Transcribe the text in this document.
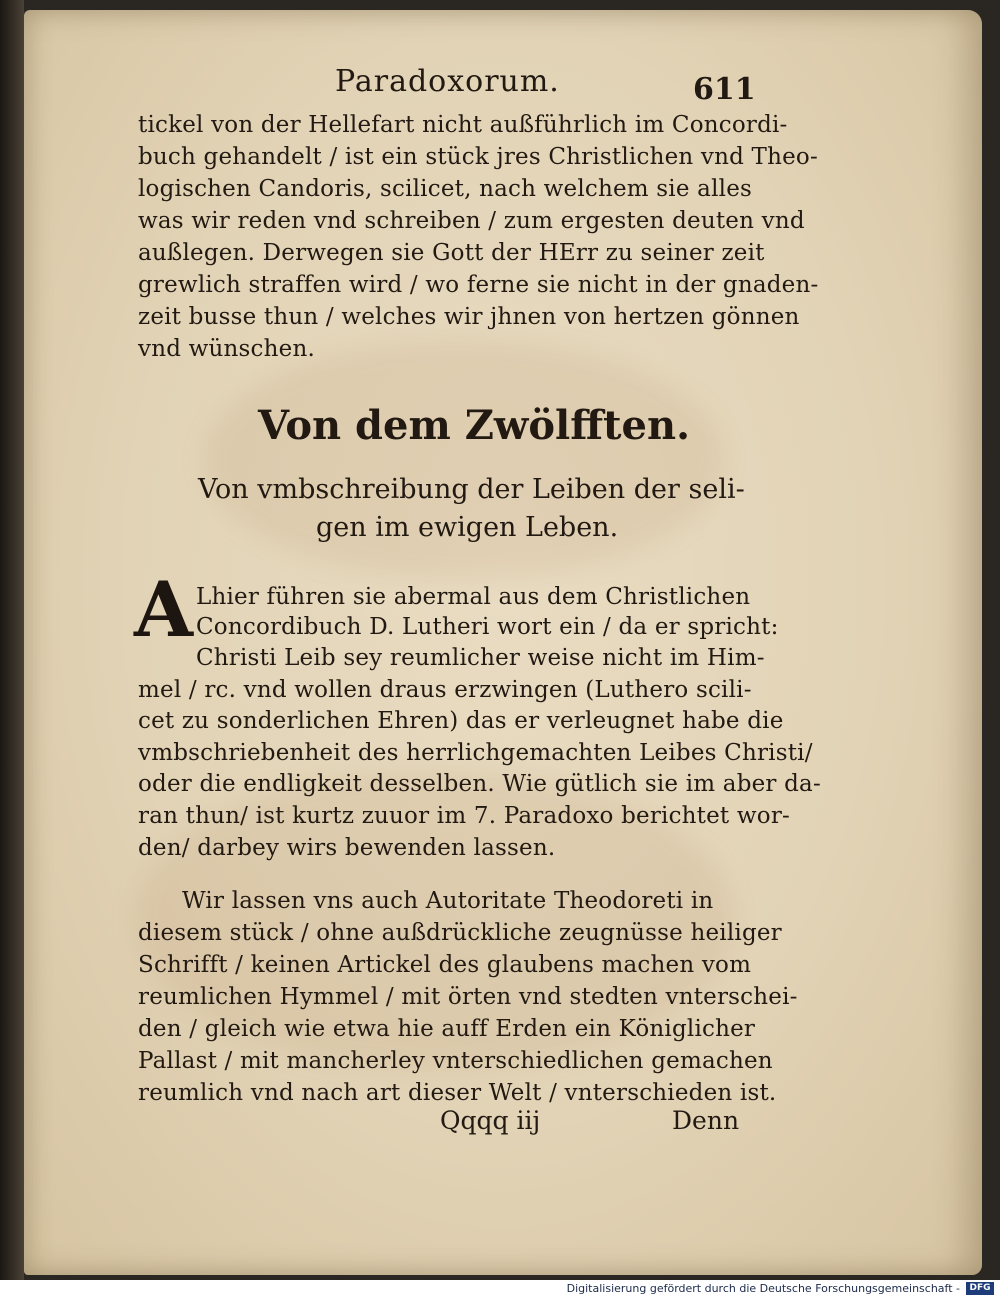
Paradoxorum.	611
tickel von der Hellefart nicht außführlich im Concordi-
buch gehandelt / ist ein stück jres Christlichen vnd Theo-
logischen Candoris, scilicet, nach welchem sie alles
was wir reden vnd schreiben / zum ergesten deuten vnd
außlegen. Derwegen sie Gott der HErr zu seiner zeit
grewlich straffen wird / wo ferne sie nicht in der gnaden-
zeit busse thun / welches wir jhnen von hertzen gönnen
vnd wünschen.
Von dem Zwölfften.
Von vmbschreibung der Leiben der seli-
gen im ewigen Leben.
A Lhier führen sie abermal aus dem Christlichen
Concordibuch D. Lutheri wort ein / da er spricht:
Christi Leib sey reumlicher weise nicht im Him-
mel / rc. vnd wollen draus erzwingen (Luthero scili-
cet zu sonderlichen Ehren) das er verleugnet habe die
vmbschriebenheit des herrlichgemachten Leibes Christi/
oder die endligkeit desselben. Wie gütlich sie im aber da-
ran thun/ ist kurtz zuuor im 7. Paradoxo berichtet wor-
den/ darbey wirs bewenden lassen.
Wir lassen vns auch Autoritate Theodoreti in
diesem stück / ohne außdrückliche zeugnüsse heiliger
Schrifft / keinen Artickel des glaubens machen vom
reumlichen Hymmel / mit örten vnd stedten vnterschei-
den / gleich wie etwa hie auff Erden ein Königlicher
Pallast / mit mancherley vnterschiedlichen gemachen
reumlich vnd nach art dieser Welt / vnterschieden ist.
Qqqq iij	Denn
Digitalisierung gefördert durch die Deutsche Forschungsgemeinschaft -	DFG
